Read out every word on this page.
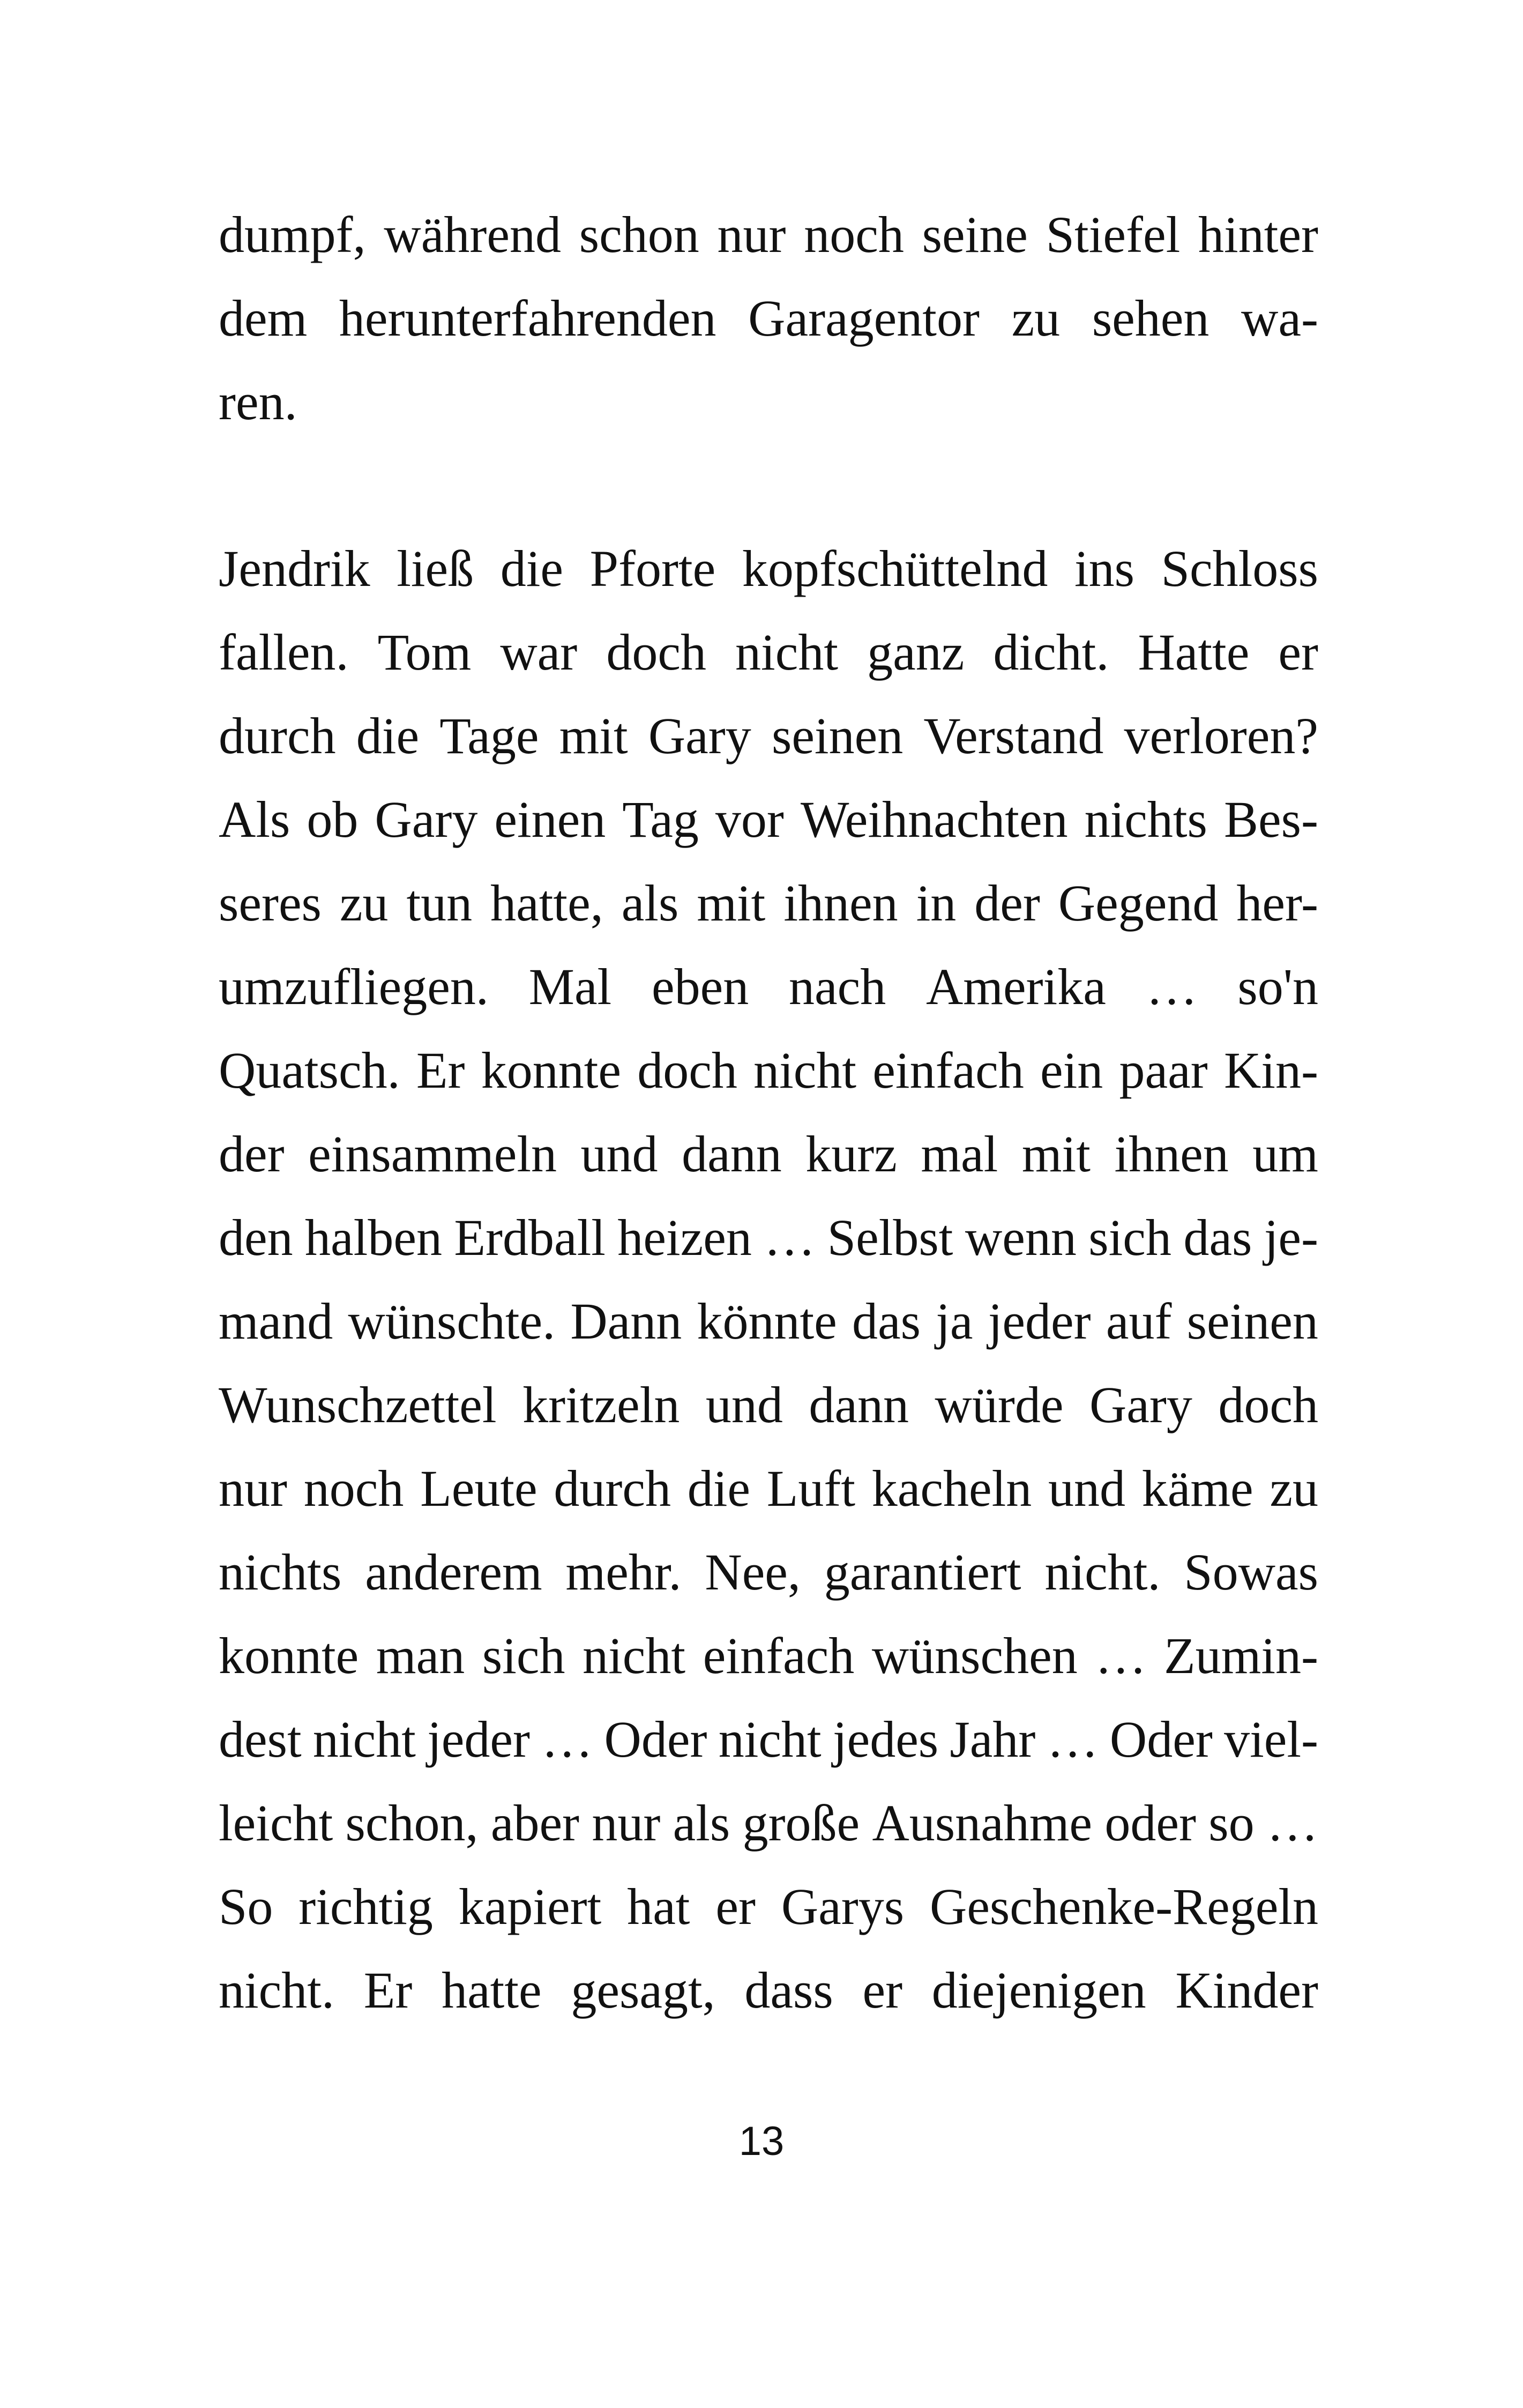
dumpf, während schon nur noch seine Stiefel hinter
dem herunterfahrenden Garagentor zu sehen wa-
ren.
Jendrik ließ die Pforte kopfschüttelnd ins Schloss
fallen. Tom war doch nicht ganz dicht. Hatte er
durch die Tage mit Gary seinen Verstand verloren?
Als ob Gary einen Tag vor Weihnachten nichts Bes-
seres zu tun hatte, als mit ihnen in der Gegend her-
umzufliegen. Mal eben nach Amerika … so'n
Quatsch. Er konnte doch nicht einfach ein paar Kin-
der einsammeln und dann kurz mal mit ihnen um
den halben Erdball heizen … Selbst wenn sich das je-
mand wünschte. Dann könnte das ja jeder auf seinen
Wunschzettel kritzeln und dann würde Gary doch
nur noch Leute durch die Luft kacheln und käme zu
nichts anderem mehr. Nee, garantiert nicht. Sowas
konnte man sich nicht einfach wünschen … Zumin-
dest nicht jeder … Oder nicht jedes Jahr … Oder viel-
leicht schon, aber nur als große Ausnahme oder so …
So richtig kapiert hat er Garys Geschenke-Regeln
nicht. Er hatte gesagt, dass er diejenigen Kinder
13
